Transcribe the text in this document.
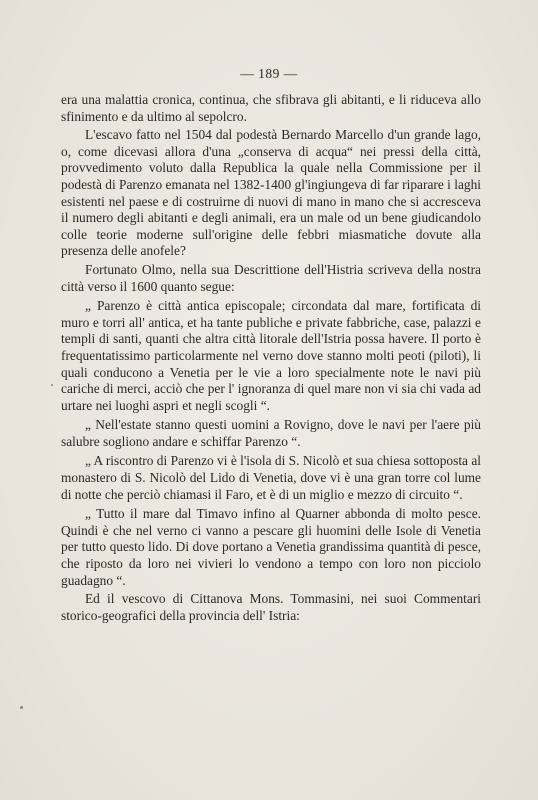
— 189 —

era una malattia cronica, continua, che sfibrava gli abitanti, e li riduceva allo sfinimento e da ultimo al sepolcro.

L'escavo fatto nel 1504 dal podestà Bernardo Marcello d'un grande lago, o, come dicevasi allora d'una „conserva di acqua“ nei pressi della città, provvedimento voluto dalla Republica la quale nella Commissione per il podestà di Parenzo emanata nel 1382-1400 gl'ingiungeva di far riparare i laghi esistenti nel paese e di costruirne di nuovi di mano in mano che si accresceva il numero degli abitanti e degli animali, era un male od un bene giudicandolo colle teorie moderne sull'origine delle febbri miasmatiche dovute alla presenza delle anofele?

Fortunato Olmo, nella sua Descrittione dell'Histria scriveva della nostra città verso il 1600 quanto segue:

„ Parenzo è città antica episcopale; circondata dal mare, fortificata di muro e torri all' antica, et ha tante publiche e private fabbriche, case, palazzi e templi di santi, quanti che altra città litorale dell'Istria possa havere. Il porto è frequentatissimo particolarmente nel verno dove stanno molti peoti (piloti), li quali conducono a Venetia per le vie a loro specialmente note le navi più cariche di merci, acciò che per l' ignoranza di quel mare non vi sia chi vada ad urtare nei luoghi aspri et negli scogli “.

„ Nell'estate stanno questi uomini a Rovigno, dove le navi per l'aere più salubre sogliono andare e schiffar Parenzo “.

„ A riscontro di Parenzo vi è l'isola di S. Nicolò et sua chiesa sottoposta al monastero di S. Nicolò del Lido di Venetia, dove vi è una gran torre col lume di notte che perciò chiamasi il Faro, et è di un miglio e mezzo di circuito “.

„ Tutto il mare dal Timavo infino al Quarner abbonda di molto pesce. Quindi è che nel verno ci vanno a pescare gli huomini delle Isole di Venetia per tutto questo lido. Di dove portano a Venetia grandissima quantità di pesce, che riposto da loro nei vivieri lo vendono a tempo con loro non picciolo guadagno “.

Ed il vescovo di Cittanova Mons. Tommasini, nei suoi Commentari storico-geografici della provincia dell' Istria:
